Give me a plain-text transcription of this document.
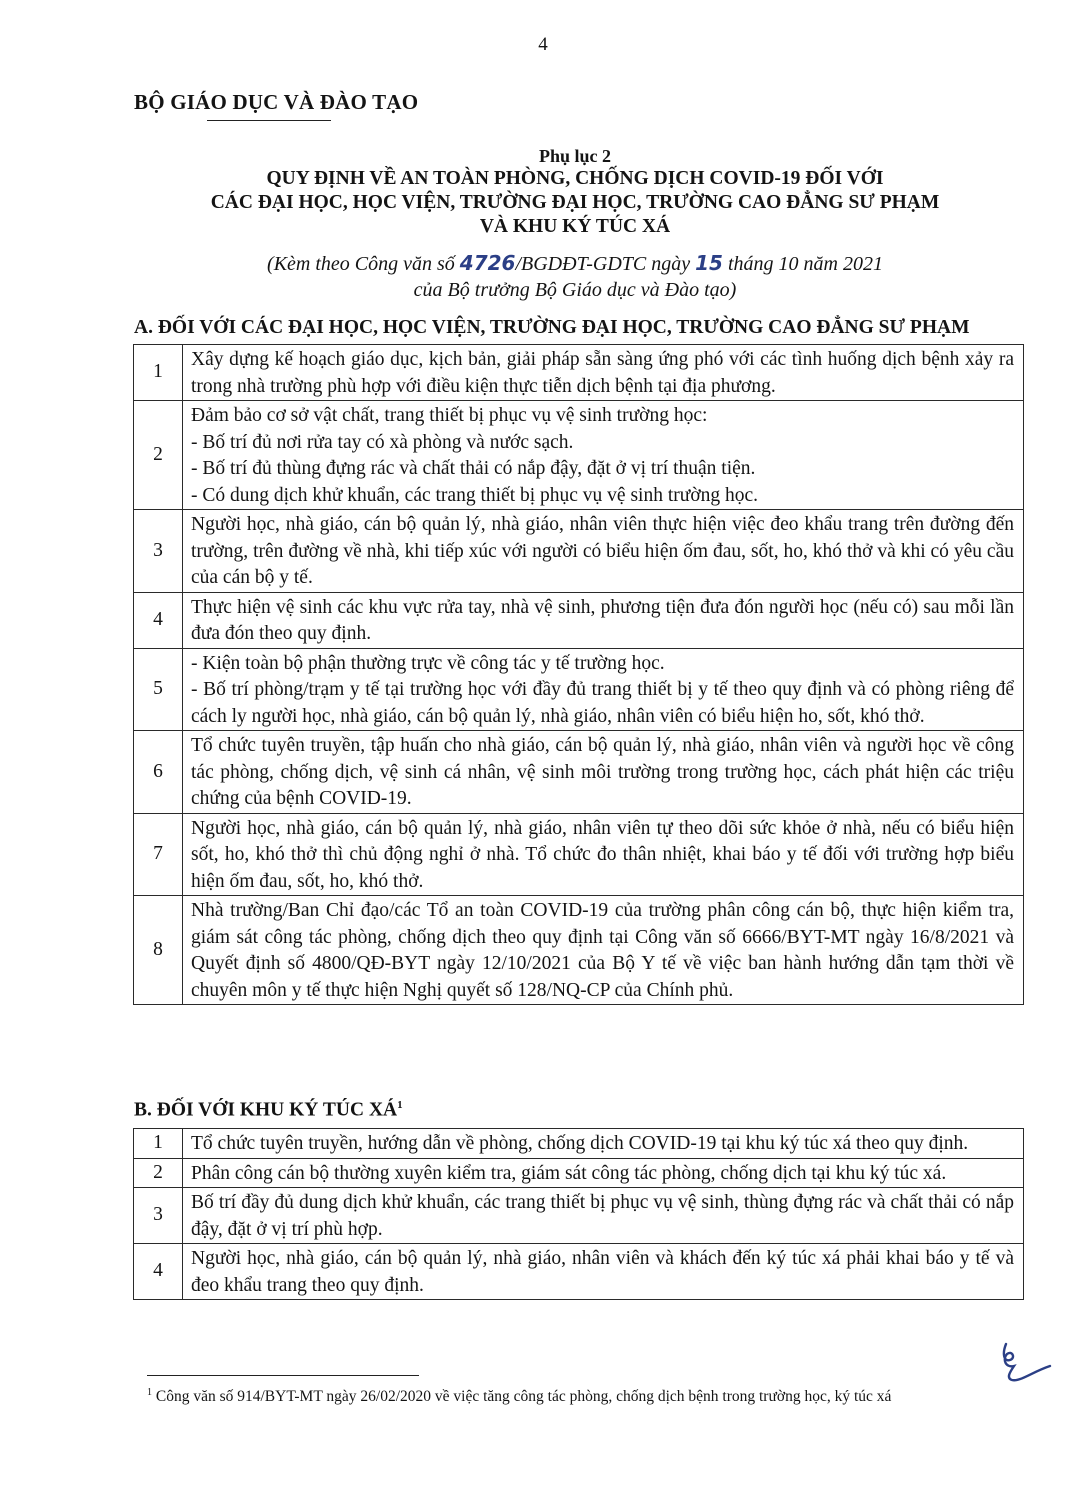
4
BỘ GIÁO DỤC VÀ ĐÀO TẠO
Phụ lục 2
QUY ĐỊNH VỀ AN TOÀN PHÒNG, CHỐNG DỊCH COVID-19 ĐỐI VỚI
CÁC ĐẠI HỌC, HỌC VIỆN, TRƯỜNG ĐẠI HỌC, TRƯỜNG CAO ĐẲNG SƯ PHẠM
VÀ KHU KÝ TÚC XÁ
(Kèm theo Công văn số 4726/BGDĐT-GDTC ngày 15 tháng 10 năm 2021
của Bộ trưởng Bộ Giáo dục và Đào tạo)
A. ĐỐI VỚI CÁC ĐẠI HỌC, HỌC VIỆN, TRƯỜNG ĐẠI HỌC, TRƯỜNG CAO ĐẲNG SƯ PHẠM
1	Xây dựng kế hoạch giáo dục, kịch bản, giải pháp sẵn sàng ứng phó với các tình huống dịch bệnh xảy ra trong nhà trường phù hợp với điều kiện thực tiễn dịch bệnh tại địa phương.

2	Đảm bảo cơ sở vật chất, trang thiết bị phục vụ vệ sinh trường học:
- Bố trí đủ nơi rửa tay có xà phòng và nước sạch.
- Bố trí đủ thùng đựng rác và chất thải có nắp đậy, đặt ở vị trí thuận tiện.
- Có dung dịch khử khuẩn, các trang thiết bị phục vụ vệ sinh trường học.

3	Người học, nhà giáo, cán bộ quản lý, nhà giáo, nhân viên thực hiện việc đeo khẩu trang trên đường đến trường, trên đường về nhà, khi tiếp xúc với người có biểu hiện ốm đau, sốt, ho, khó thở và khi có yêu cầu của cán bộ y tế.

4	Thực hiện vệ sinh các khu vực rửa tay, nhà vệ sinh, phương tiện đưa đón người học (nếu có) sau mỗi lần đưa đón theo quy định.

5	- Kiện toàn bộ phận thường trực về công tác y tế trường học.
- Bố trí phòng/trạm y tế tại trường học với đầy đủ trang thiết bị y tế theo quy định và có phòng riêng để cách ly người học, nhà giáo, cán bộ quản lý, nhà giáo, nhân viên có biểu hiện ho, sốt, khó thở.

6	Tổ chức tuyên truyền, tập huấn cho nhà giáo, cán bộ quản lý, nhà giáo, nhân viên và người học về công tác phòng, chống dịch, vệ sinh cá nhân, vệ sinh môi trường trong trường học, cách phát hiện các triệu chứng của bệnh COVID-19.

7	Người học, nhà giáo, cán bộ quản lý, nhà giáo, nhân viên tự theo dõi sức khỏe ở nhà, nếu có biểu hiện sốt, ho, khó thở thì chủ động nghỉ ở nhà. Tổ chức đo thân nhiệt, khai báo y tế đối với trường hợp biểu hiện ốm đau, sốt, ho, khó thở.

8	Nhà trường/Ban Chỉ đạo/các Tổ an toàn COVID-19 của trường phân công cán bộ, thực hiện kiểm tra, giám sát công tác phòng, chống dịch theo quy định tại Công văn số 6666/BYT-MT ngày 16/8/2021 và Quyết định số 4800/QĐ-BYT ngày 12/10/2021 của Bộ Y tế về việc ban hành hướng dẫn tạm thời về chuyên môn y tế thực hiện Nghị quyết số 128/NQ-CP của Chính phủ.
B. ĐỐI VỚI KHU KÝ TÚC $XÁ^1$
1	Tổ chức tuyên truyền, hướng dẫn về phòng, chống dịch COVID-19 tại khu ký túc xá theo quy định.

2	Phân công cán bộ thường xuyên kiểm tra, giám sát công tác phòng, chống dịch tại khu ký túc xá.

3	Bố trí đầy đủ dung dịch khử khuẩn, các trang thiết bị phục vụ vệ sinh, thùng đựng rác và chất thải có nắp đậy, đặt ở vị trí phù hợp.

4	Người học, nhà giáo, cán bộ quản lý, nhà giáo, nhân viên và khách đến ký túc xá phải khai báo y tế và đeo khẩu trang theo quy định.
$^1$ Công văn số 914/BYT-MT ngày 26/02/2020 về việc tăng công tác phòng, chống dịch bệnh trong trường học, ký túc xá
